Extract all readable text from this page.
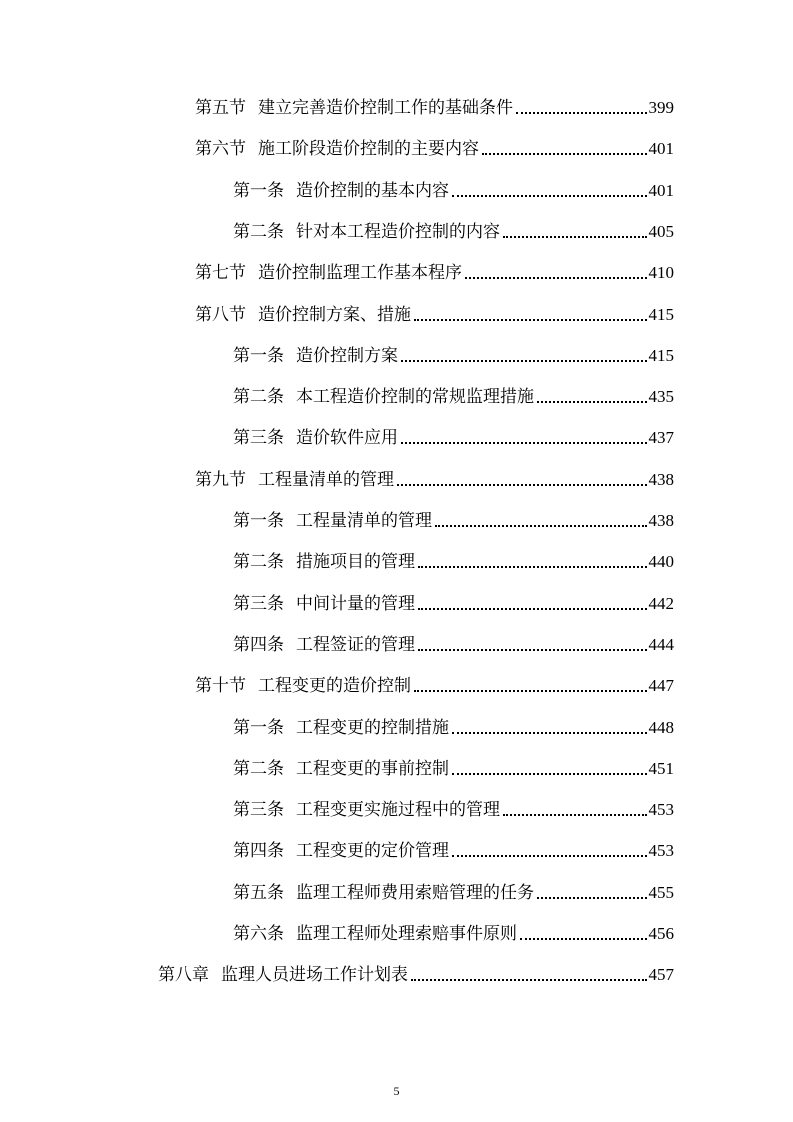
第五节 建立完善造价控制工作的基础条件	399
第六节 施工阶段造价控制的主要内容	401
第一条 造价控制的基本内容	401
第二条 针对本工程造价控制的内容	405
第七节 造价控制监理工作基本程序	410
第八节 造价控制方案、措施	415
第一条 造价控制方案	415
第二条 本工程造价控制的常规监理措施	435
第三条 造价软件应用	437
第九节 工程量清单的管理	438
第一条 工程量清单的管理	438
第二条 措施项目的管理	440
第三条 中间计量的管理	442
第四条 工程签证的管理	444
第十节 工程变更的造价控制	447
第一条 工程变更的控制措施	448
第二条 工程变更的事前控制	451
第三条 工程变更实施过程中的管理	453
第四条 工程变更的定价管理	453
第五条 监理工程师费用索赔管理的任务	455
第六条 监理工程师处理索赔事件原则	456
第八章 监理人员进场工作计划表	457
5
